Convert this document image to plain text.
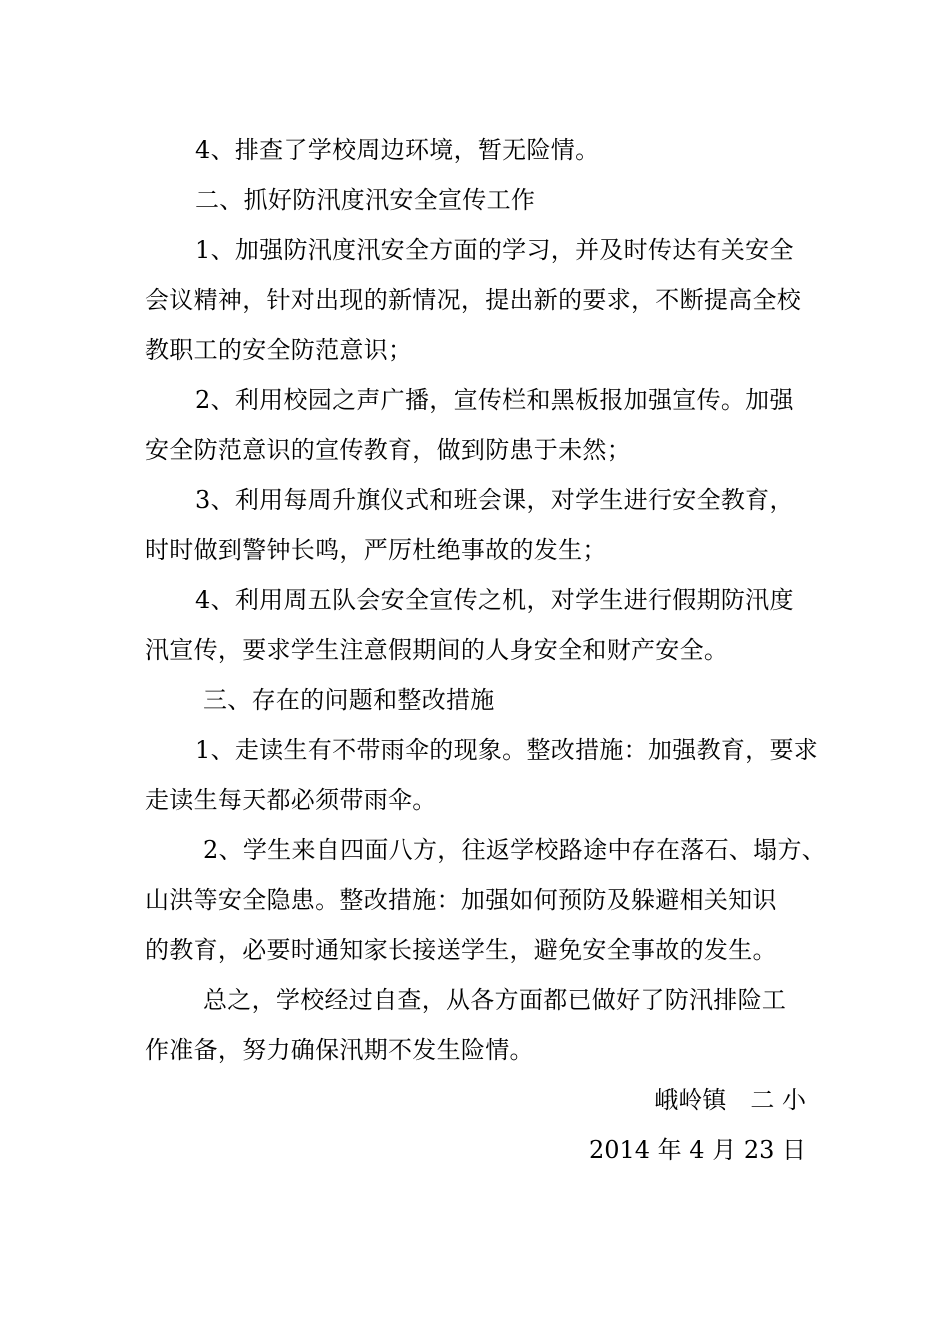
4、排查了学校周边环境，暂无险情。
二、抓好防汛度汛安全宣传工作
1、加强防汛度汛安全方面的学习，并及时传达有关安全
会议精神，针对出现的新情况，提出新的要求，不断提高全校
教职工的安全防范意识；
2、利用校园之声广播，宣传栏和黑板报加强宣传。加强
安全防范意识的宣传教育，做到防患于未然；
3、利用每周升旗仪式和班会课，对学生进行安全教育，
时时做到警钟长鸣，严厉杜绝事故的发生；
4、利用周五队会安全宣传之机，对学生进行假期防汛度
汛宣传，要求学生注意假期间的人身安全和财产安全。
三、存在的问题和整改措施
1、走读生有不带雨伞的现象。整改措施：加强教育，要求
走读生每天都必须带雨伞。
2、学生来自四面八方，往返学校路途中存在落石、塌方、
山洪等安全隐患。整改措施：加强如何预防及躲避相关知识
的教育，必要时通知家长接送学生，避免安全事故的发生。
总之，学校经过自查，从各方面都已做好了防汛排险工
作准备，努力确保汛期不发生险情。
峨岭镇　二 小
2014 年 4 月 23 日
